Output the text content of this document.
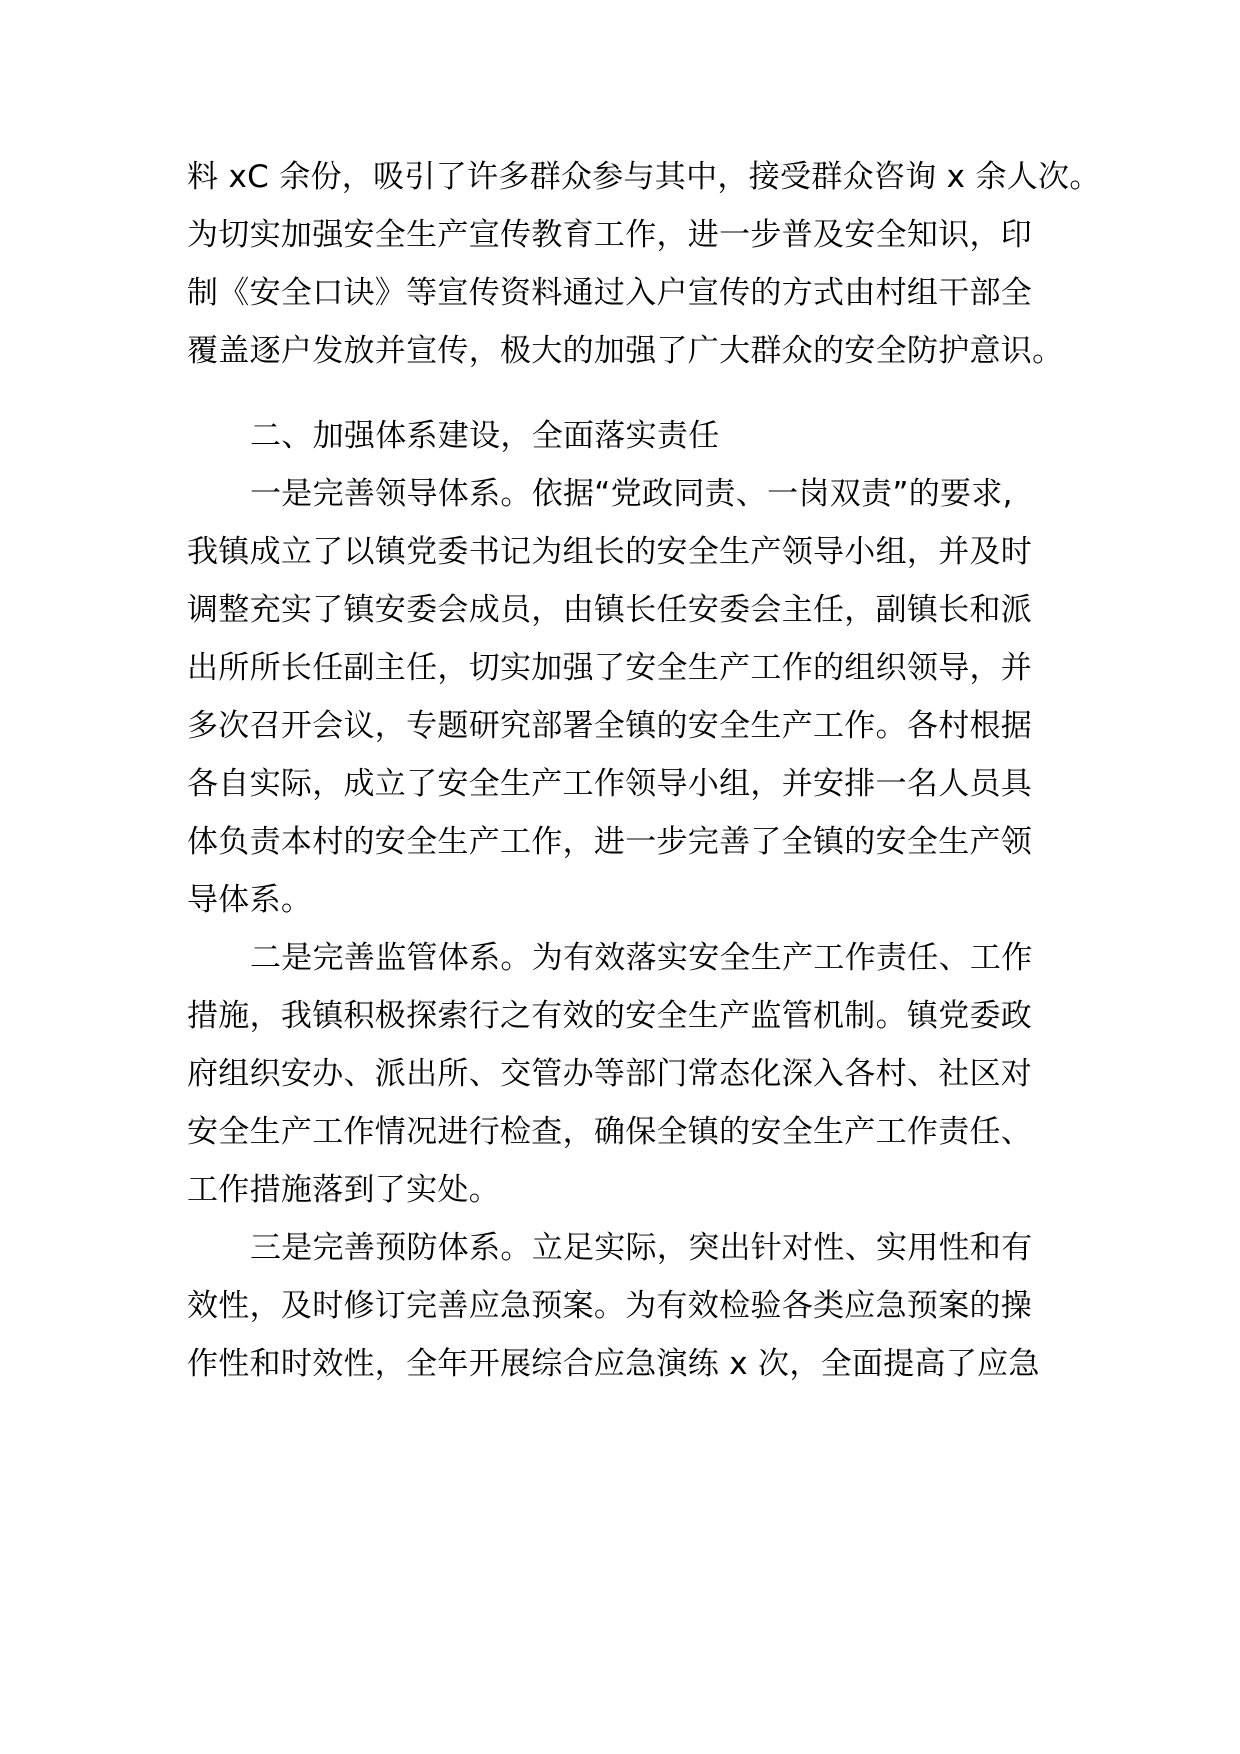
料 xC 余份，吸引了许多群众参与其中，接受群众咨询 x 余人次。
为切实加强安全生产宣传教育工作，进一步普及安全知识，印
制《安全口诀》等宣传资料通过入户宣传的方式由村组干部全
覆盖逐户发放并宣传，极大的加强了广大群众的安全防护意识。
二、加强体系建设，全面落实责任
一是完善领导体系。依据“党政同责、一岗双责”的要求,
我镇成立了以镇党委书记为组长的安全生产领导小组，并及时
调整充实了镇安委会成员，由镇长任安委会主任，副镇长和派
出所所长任副主任，切实加强了安全生产工作的组织领导，并
多次召开会议，专题研究部署全镇的安全生产工作。各村根据
各自实际，成立了安全生产工作领导小组，并安排一名人员具
体负责本村的安全生产工作，进一步完善了全镇的安全生产领
导体系。
二是完善监管体系。为有效落实安全生产工作责任、工作
措施，我镇积极探索行之有效的安全生产监管机制。镇党委政
府组织安办、派出所、交管办等部门常态化深入各村、社区对
安全生产工作情况进行检查，确保全镇的安全生产工作责任、
工作措施落到了实处。
三是完善预防体系。立足实际，突出针对性、实用性和有
效性，及时修订完善应急预案。为有效检验各类应急预案的操
作性和时效性，全年开展综合应急演练 x 次，全面提高了应急
